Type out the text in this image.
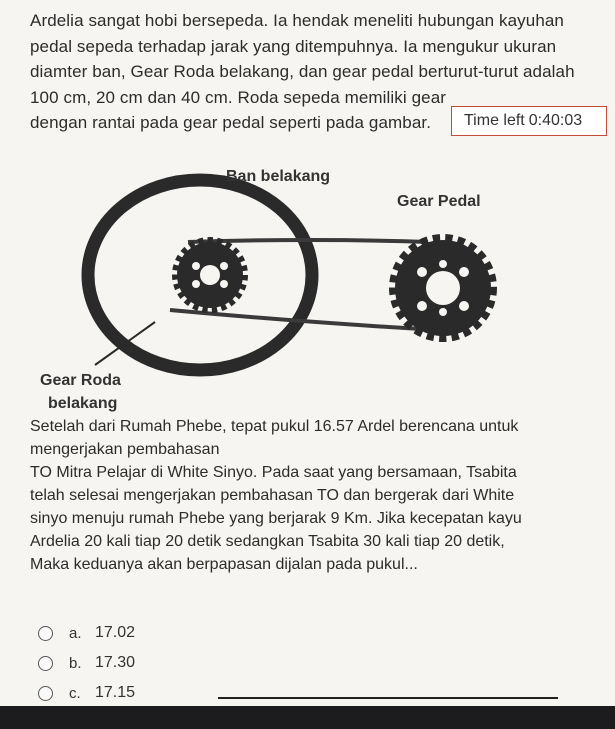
Ardelia sangat hobi bersepeda. Ia hendak meneliti hubungan kayuhan pedal sepeda terhadap jarak yang ditempuhnya. Ia mengukur ukuran diamter ban, Gear Roda belakang, dan gear pedal berturut-turut adalah 100 cm, 20 cm dan 40 cm. Roda sepeda memiliki gear

dengan rantai pada gear pedal seperti pada gambar.	Time left 0:40:03
Ban belakang
Gear Pedal
Gear Roda
belakang

Setelah dari Rumah Phebe, tepat pukul 16.57 Ardel berencana untuk

mengerjakan pembahasan

TO Mitra Pelajar di White Sinyo. Pada saat yang bersamaan, Tsabita

telah selesai mengerjakan pembahasan TO dan bergerak dari White

sinyo menuju rumah Phebe yang berjarak 9 Km. Jika kecepatan kayu

Ardelia 20 kali tiap 20 detik sedangkan Tsabita 30 kali tiap 20 detik,

Maka keduanya akan berpapasan dijalan pada pukul...

a. 17.02
b. 17.30
c. 17.15
